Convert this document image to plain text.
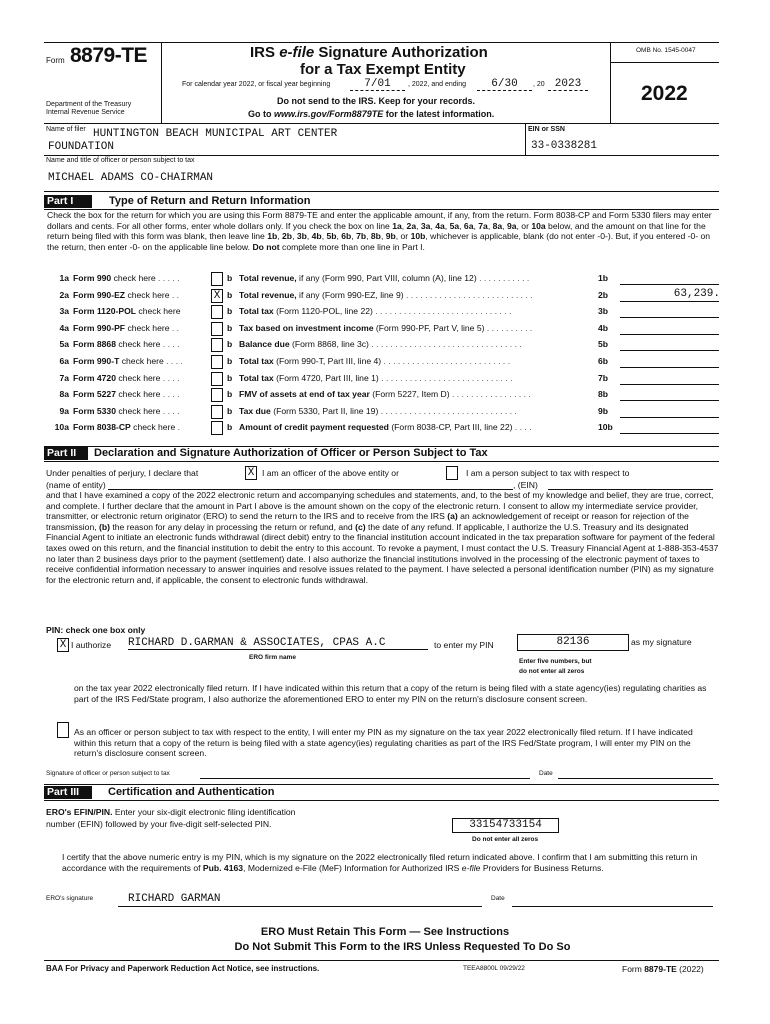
Form 8879-TE
Department of the Treasury
Internal Revenue Service
IRS e-file Signature Authorization
for a Tax Exempt Entity
For calendar year 2022, or fiscal year beginning	7/01	, 2022, and ending	6/30	, 20 2023
Do not send to the IRS. Keep for your records.
Go to www.irs.gov/Form8879TE for the latest information.
OMB No. 1545-0047
2022
Name of filer HUNTINGTON BEACH MUNICIPAL ART CENTER
FOUNDATION
EIN or SSN
33-0338281
Name and title of officer or person subject to tax
MICHAEL ADAMS CO-CHAIRMAN
Part I	Type of Return and Return Information
Check the box for the return for which you are using this Form 8879-TE and enter the applicable amount, if any, from the return. Form 8038-CP and Form 5330 filers may enter dollars and cents. For all other forms, enter whole dollars only. If you check the box on line 1a, 2a, 3a, 4a, 5a, 6a, 7a, 8a, 9a, or 10a below, and the amount on that line for the return being filed with this form was blank, then leave line 1b, 2b, 3b, 4b, 5b, 6b, 7b, 8b, 9b, or 10b, whichever is applicable, blank (do not enter -0-). But, if you entered -0- on the return, then enter -0- on the applicable line below. Do not complete more than one line in Part I.
1a Form 990 check here . . . . .	b Total revenue, if any (Form 990, Part VIII, column (A), line 12) . . . . . . . . . . .	1b
2a Form 990-EZ check here . .	X b Total revenue, if any (Form 990-EZ, line 9) . . . . . . . . . . . . . . . . . . . . . . . . . . .	2b	63,239.
3a Form 1120-POL check here	b Total tax (Form 1120-POL, line 22) . . . . . . . . . . . . . . . . . . . . . . . . . . . . .	3b
4a Form 990-PF check here . .	b Tax based on investment income (Form 990-PF, Part V, line 5) . . . . . . . . . .	4b
5a Form 8868 check here . . . .	b Balance due (Form 8868, line 3c) . . . . . . . . . . . . . . . . . . . . . . . . . . . . . . . .	5b
6a Form 990-T check here . . . .	b Total tax (Form 990-T, Part III, line 4) . . . . . . . . . . . . . . . . . . . . . . . . . . .	6b
7a Form 4720 check here . . . .	b Total tax (Form 4720, Part III, line 1) . . . . . . . . . . . . . . . . . . . . . . . . . . . .	7b
8a Form 5227 check here . . . .	b FMV of assets at end of tax year (Form 5227, Item D) . . . . . . . . . . . . . . . . .	8b
9a Form 5330 check here . . . .	b Tax due (Form 5330, Part II, line 19) . . . . . . . . . . . . . . . . . . . . . . . . . . . . .	9b
10a Form 8038-CP check here .	b Amount of credit payment requested (Form 8038-CP, Part III, line 22) . . . .	10b
Part II	Declaration and Signature Authorization of Officer or Person Subject to Tax
Under penalties of perjury, I declare that	X I am an officer of the above entity or	I am a person subject to tax with respect to
(name of entity)	, (EIN)
and that I have examined a copy of the 2022 electronic return and accompanying schedules and statements, and, to the best of my knowledge and belief, they are true, correct, and complete. I further declare that the amount in Part I above is the amount shown on the copy of the electronic return. I consent to allow my intermediate service provider, transmitter, or electronic return originator (ERO) to send the return to the IRS and to receive from the IRS (a) an acknowledgement of receipt or reason for rejection of the transmission, (b) the reason for any delay in processing the return or refund, and (c) the date of any refund. If applicable, I authorize the U.S. Treasury and its designated Financial Agent to initiate an electronic funds withdrawal (direct debit) entry to the financial institution account indicated in the tax preparation software for payment of the federal taxes owed on this return, and the financial institution to debit the entry to this account. To revoke a payment, I must contact the U.S. Treasury Financial Agent at 1-888-353-4537 no later than 2 business days prior to the payment (settlement) date. I also authorize the financial institutions involved in the processing of the electronic payment of taxes to receive confidential information necessary to answer inquiries and resolve issues related to the payment. I have selected a personal identification number (PIN) as my signature for the electronic return and, if applicable, the consent to electronic funds withdrawal.
PIN: check one box only
X I authorize RICHARD D.GARMAN & ASSOCIATES, CPAS A.C	to enter my PIN	82136	as my signature
ERO firm name
Enter five numbers, but
do not enter all zeros
on the tax year 2022 electronically filed return. If I have indicated within this return that a copy of the return is being filed with a state agency(ies) regulating charities as part of the IRS Fed/State program, I also authorize the aforementioned ERO to enter my PIN on the return's disclosure consent screen.
As an officer or person subject to tax with respect to the entity, I will enter my PIN as my signature on the tax year 2022 electronically filed return. If I have indicated within this return that a copy of the return is being filed with a state agency(ies) regulating charities as part of the IRS Fed/State program, I will enter my PIN on the return's disclosure consent screen.
Signature of officer or person subject to tax	Date
Part III	Certification and Authentication
ERO's EFIN/PIN. Enter your six-digit electronic filing identification
number (EFIN) followed by your five-digit self-selected PIN.	33154733154
Do not enter all zeros
I certify that the above numeric entry is my PIN, which is my signature on the 2022 electronically filed return indicated above. I confirm that I am submitting this return in accordance with the requirements of Pub. 4163, Modernized e-File (MeF) Information for Authorized IRS e-file Providers for Business Returns.
ERO's signature	RICHARD GARMAN	Date
ERO Must Retain This Form — See Instructions
Do Not Submit This Form to the IRS Unless Requested To Do So
BAA For Privacy and Paperwork Reduction Act Notice, see instructions.	TEEA8800L 09/29/22	Form 8879-TE (2022)
